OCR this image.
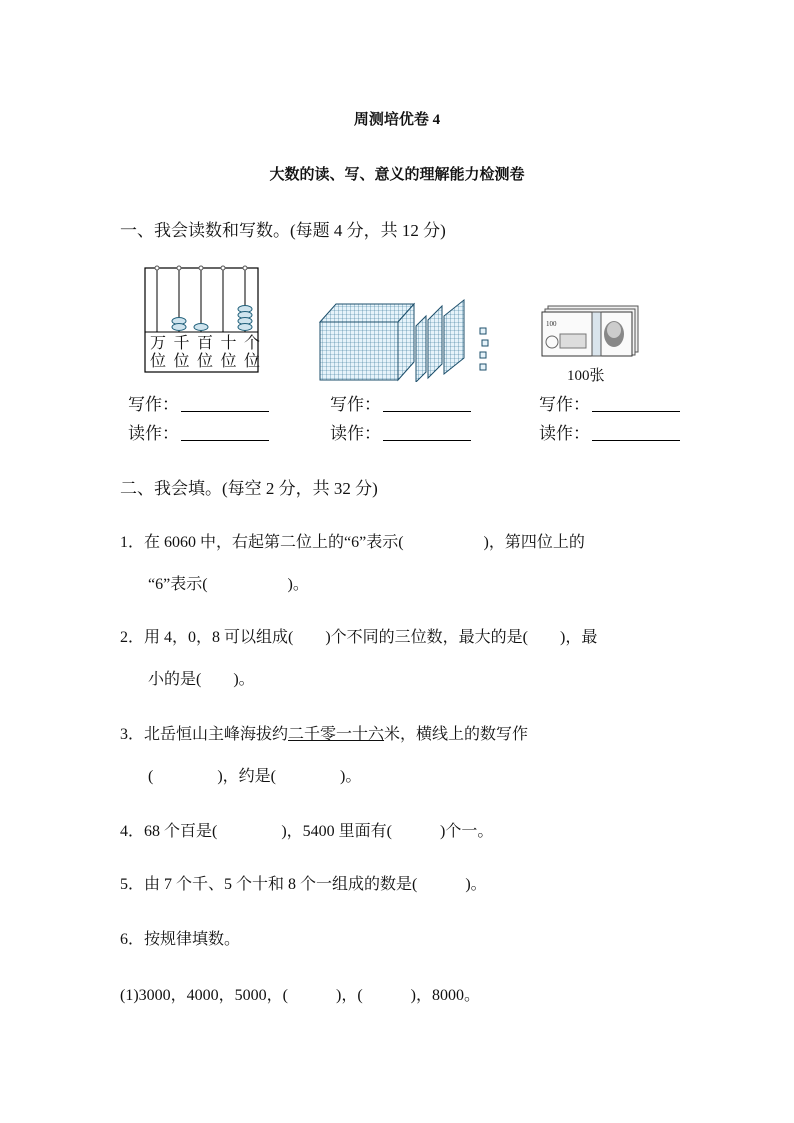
周测培优卷 4
大数的读、写、意义的理解能力检测卷
一、我会读数和写数。(每题 4 分，共 12 分)
万
位
千
位
百
位
十
位
个
位
100
100张
写作：
读作：
写作：
读作：
写作：
读作：
二、我会填。(每空 2 分，共 32 分)
1．在 6060 中，右起第二位上的“6”表示(　　　　　)，第四位上的
“6”表示(　　　　　)。
2．用 4，0，8 可以组成(　　)个不同的三位数，最大的是(　　)，最
小的是(　　)。
3．北岳恒山主峰海拔约二千零一十六米，横线上的数写作
(　　　　)，约是(　　　　)。
4．68 个百是(　　　　)，5400 里面有(　　　)个一。
5．由 7 个千、5 个十和 8 个一组成的数是(　　　)。
6．按规律填数。
(1)3000，4000，5000，(　　　)，(　　　)，8000。
